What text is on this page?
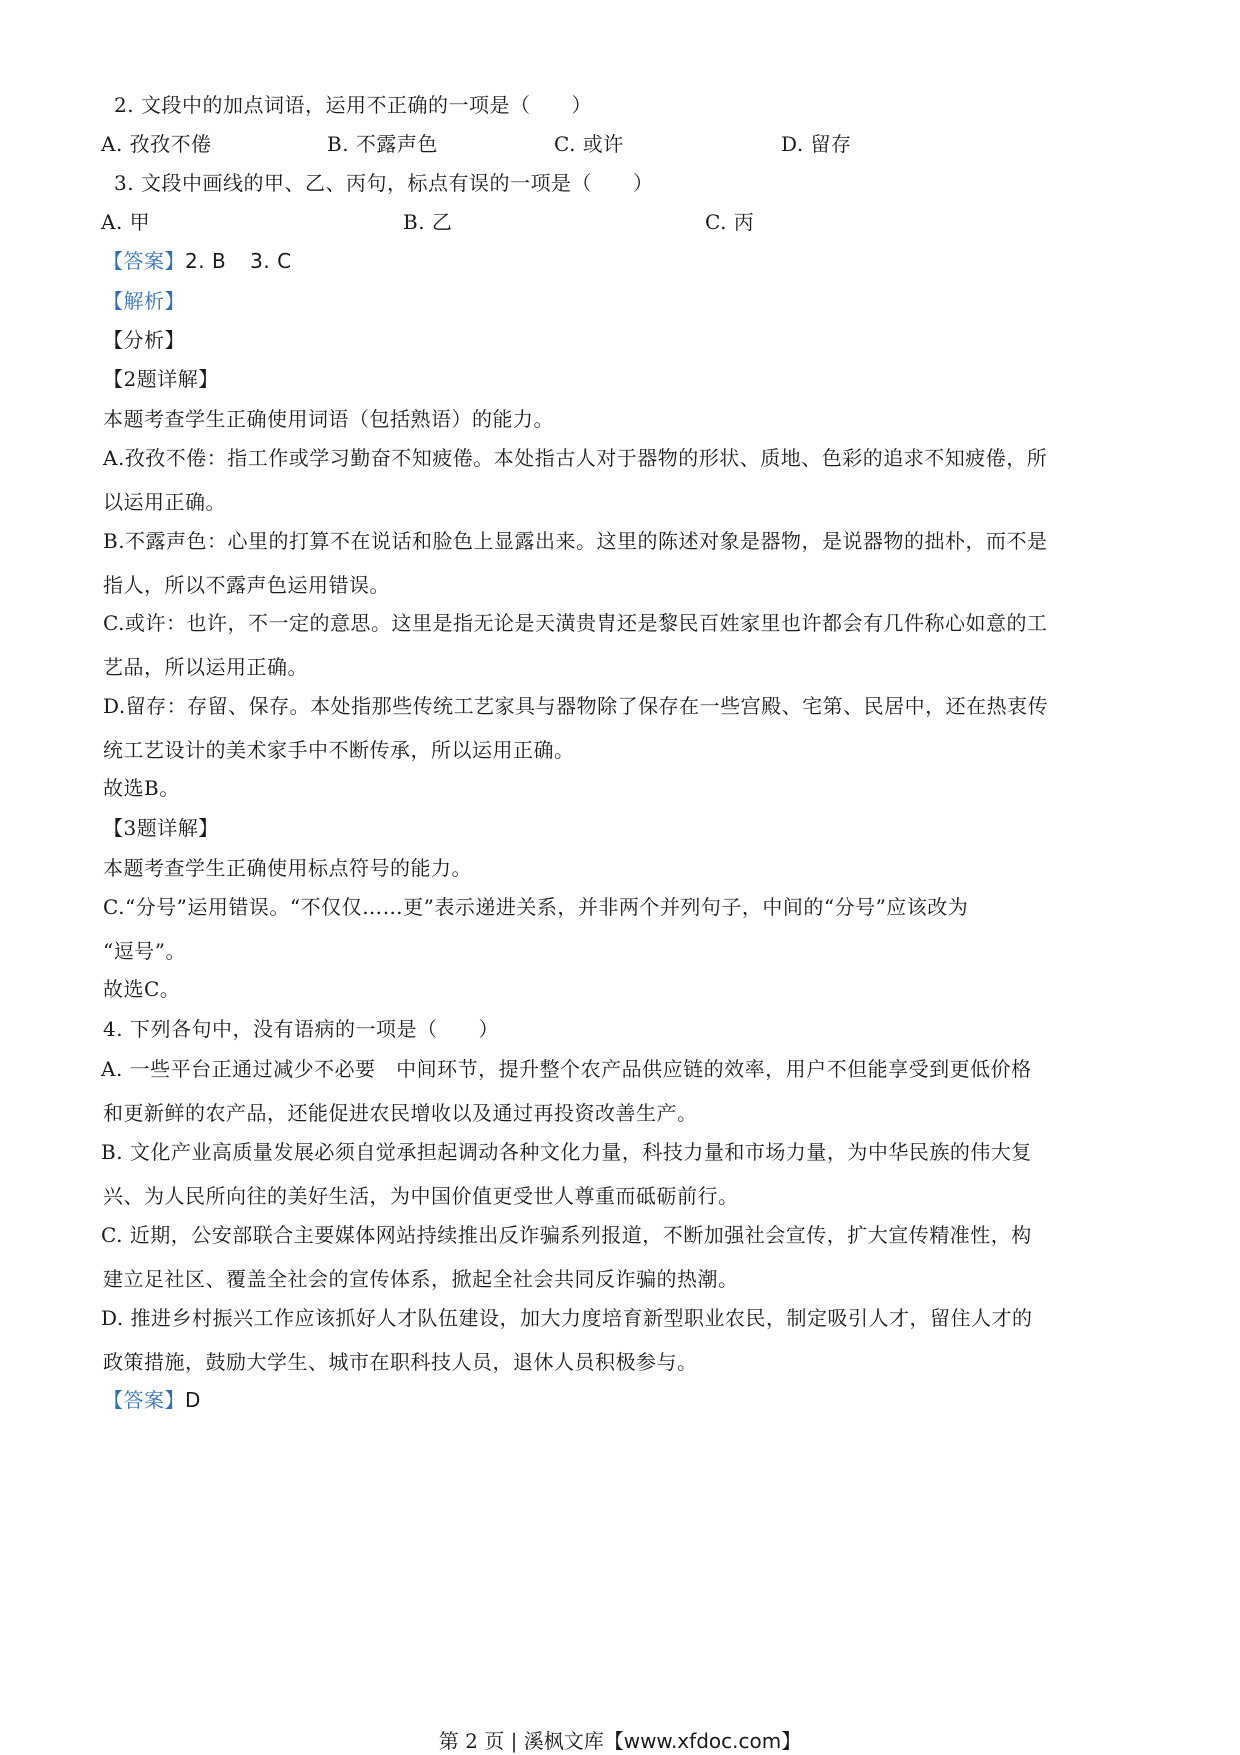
2. 文段中的加点词语，运用不正确的一项是（　　）
A. 孜孜不倦	B. 不露声色	C. 或许	D. 留存
3. 文段中画线的甲、乙、丙句，标点有误的一项是（　　）
A. 甲	B. 乙	C. 丙
【答案】2. B 3. C
【解析】
【分析】
【2题详解】
本题考查学生正确使用词语（包括熟语）的能力。
A.孜孜不倦：指工作或学习勤奋不知疲倦。本处指古人对于器物的形状、质地、色彩的追求不知疲倦，所
以运用正确。
B.不露声色：心里的打算不在说话和脸色上显露出来。这里的陈述对象是器物，是说器物的拙朴，而不是
指人，所以不露声色运用错误。
C.或许：也许，不一定的意思。这里是指无论是天潢贵胄还是黎民百姓家里也许都会有几件称心如意的工
艺品，所以运用正确。
D.留存：存留、保存。本处指那些传统工艺家具与器物除了保存在一些宫殿、宅第、民居中，还在热衷传
统工艺设计的美术家手中不断传承，所以运用正确。
故选B。
【3题详解】
本题考查学生正确使用标点符号的能力。
C.“分号”运用错误。“不仅仅……更”表示递进关系，并非两个并列句子，中间的“分号”应该改为
“逗号”。
故选C。
4. 下列各句中，没有语病的一项是（　　）
A. 一些平台正通过减少不必要　中间环节，提升整个农产品供应链的效率，用户不但能享受到更低价格
和更新鲜的农产品，还能促进农民增收以及通过再投资改善生产。
B. 文化产业高质量发展必须自觉承担起调动各种文化力量，科技力量和市场力量，为中华民族的伟大复
兴、为人民所向往的美好生活，为中国价值更受世人尊重而砥砺前行。
C. 近期，公安部联合主要媒体网站持续推出反诈骗系列报道，不断加强社会宣传，扩大宣传精准性，构
建立足社区、覆盖全社会的宣传体系，掀起全社会共同反诈骗的热潮。
D. 推进乡村振兴工作应该抓好人才队伍建设，加大力度培育新型职业农民，制定吸引人才，留住人才的
政策措施，鼓励大学生、城市在职科技人员，退休人员积极参与。
【答案】D
第 2 页 | 溪枫文库【www.xfdoc.com】
